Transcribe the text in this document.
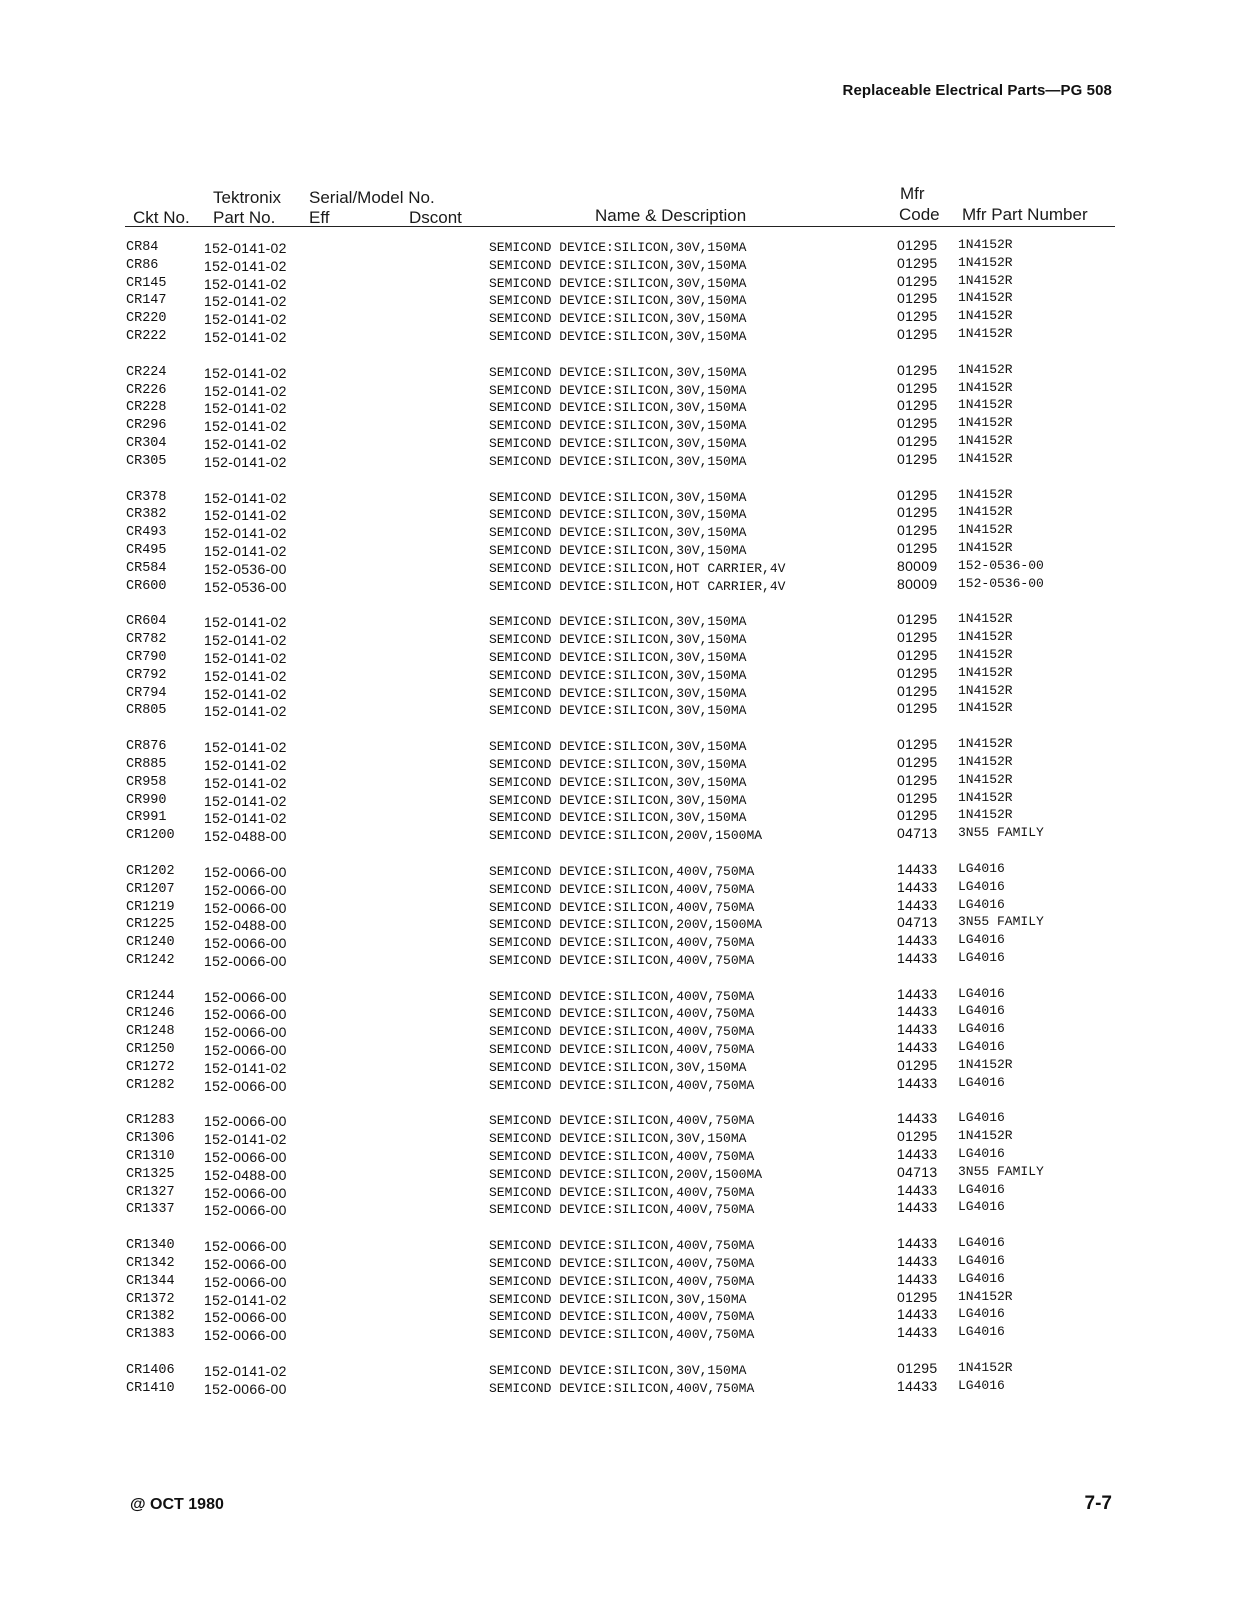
Replaceable Electrical Parts—PG 508
Ckt No.
Tektronix
Part No.
Serial/Model No.
Eff	Dscont	Name & Description
Mfr
Code Mfr Part Number
CR84	152-0141-02	SEMICOND DEVICE:SILICON,30V,150MA	01295 1N4152R
CR86	152-0141-02	SEMICOND DEVICE:SILICON,30V,150MA	01295 1N4152R
CR145	152-0141-02	SEMICOND DEVICE:SILICON,30V,150MA	01295 1N4152R
CR147	152-0141-02	SEMICOND DEVICE:SILICON,30V,150MA	01295 1N4152R
CR220	152-0141-02	SEMICOND DEVICE:SILICON,30V,150MA	01295 1N4152R
CR222	152-0141-02	SEMICOND DEVICE:SILICON,30V,150MA	01295 1N4152R
CR224	152-0141-02	SEMICOND DEVICE:SILICON,30V,150MA	01295 1N4152R
CR226	152-0141-02	SEMICOND DEVICE:SILICON,30V,150MA	01295 1N4152R
CR228	152-0141-02	SEMICOND DEVICE:SILICON,30V,150MA	01295 1N4152R
CR296	152-0141-02	SEMICOND DEVICE:SILICON,30V,150MA	01295 1N4152R
CR304	152-0141-02	SEMICOND DEVICE:SILICON,30V,150MA	01295 1N4152R
CR305	152-0141-02	SEMICOND DEVICE:SILICON,30V,150MA	01295 1N4152R
CR378	152-0141-02	SEMICOND DEVICE:SILICON,30V,150MA	01295 1N4152R
CR382	152-0141-02	SEMICOND DEVICE:SILICON,30V,150MA	01295 1N4152R
CR493	152-0141-02	SEMICOND DEVICE:SILICON,30V,150MA	01295 1N4152R
CR495	152-0141-02	SEMICOND DEVICE:SILICON,30V,150MA	01295 1N4152R
CR584	152-0536-00	SEMICOND DEVICE:SILICON,HOT CARRIER,4V	80009 152-0536-00
CR600	152-0536-00	SEMICOND DEVICE:SILICON,HOT CARRIER,4V	80009 152-0536-00
CR604	152-0141-02	SEMICOND DEVICE:SILICON,30V,150MA	01295 1N4152R
CR782	152-0141-02	SEMICOND DEVICE:SILICON,30V,150MA	01295 1N4152R
CR790	152-0141-02	SEMICOND DEVICE:SILICON,30V,150MA	01295 1N4152R
CR792	152-0141-02	SEMICOND DEVICE:SILICON,30V,150MA	01295 1N4152R
CR794	152-0141-02	SEMICOND DEVICE:SILICON,30V,150MA	01295 1N4152R
CR805	152-0141-02	SEMICOND DEVICE:SILICON,30V,150MA	01295 1N4152R
CR876	152-0141-02	SEMICOND DEVICE:SILICON,30V,150MA	01295 1N4152R
CR885	152-0141-02	SEMICOND DEVICE:SILICON,30V,150MA	01295 1N4152R
CR958	152-0141-02	SEMICOND DEVICE:SILICON,30V,150MA	01295 1N4152R
CR990	152-0141-02	SEMICOND DEVICE:SILICON,30V,150MA	01295 1N4152R
CR991	152-0141-02	SEMICOND DEVICE:SILICON,30V,150MA	01295 1N4152R
CR1200 152-0488-00	SEMICOND DEVICE:SILICON,200V,1500MA	04713 3N55 FAMILY
CR1202 152-0066-00	SEMICOND DEVICE:SILICON,400V,750MA	14433 LG4016
CR1207 152-0066-00	SEMICOND DEVICE:SILICON,400V,750MA	14433 LG4016
CR1219 152-0066-00	SEMICOND DEVICE:SILICON,400V,750MA	14433 LG4016
CR1225 152-0488-00	SEMICOND DEVICE:SILICON,200V,1500MA	04713 3N55 FAMILY
CR1240 152-0066-00	SEMICOND DEVICE:SILICON,400V,750MA	14433 LG4016
CR1242 152-0066-00	SEMICOND DEVICE:SILICON,400V,750MA	14433 LG4016
CR1244 152-0066-00	SEMICOND DEVICE:SILICON,400V,750MA	14433 LG4016
CR1246 152-0066-00	SEMICOND DEVICE:SILICON,400V,750MA	14433 LG4016
CR1248 152-0066-00	SEMICOND DEVICE:SILICON,400V,750MA	14433 LG4016
CR1250 152-0066-00	SEMICOND DEVICE:SILICON,400V,750MA	14433 LG4016
CR1272 152-0141-02	SEMICOND DEVICE:SILICON,30V,150MA	01295 1N4152R
CR1282 152-0066-00	SEMICOND DEVICE:SILICON,400V,750MA	14433 LG4016
CR1283 152-0066-00	SEMICOND DEVICE:SILICON,400V,750MA	14433 LG4016
CR1306 152-0141-02	SEMICOND DEVICE:SILICON,30V,150MA	01295 1N4152R
CR1310 152-0066-00	SEMICOND DEVICE:SILICON,400V,750MA	14433 LG4016
CR1325 152-0488-00	SEMICOND DEVICE:SILICON,200V,1500MA	04713 3N55 FAMILY
CR1327 152-0066-00	SEMICOND DEVICE:SILICON,400V,750MA	14433 LG4016
CR1337 152-0066-00	SEMICOND DEVICE:SILICON,400V,750MA	14433 LG4016
CR1340 152-0066-00	SEMICOND DEVICE:SILICON,400V,750MA	14433 LG4016
CR1342 152-0066-00	SEMICOND DEVICE:SILICON,400V,750MA	14433 LG4016
CR1344 152-0066-00	SEMICOND DEVICE:SILICON,400V,750MA	14433 LG4016
CR1372 152-0141-02	SEMICOND DEVICE:SILICON,30V,150MA	01295 1N4152R
CR1382 152-0066-00	SEMICOND DEVICE:SILICON,400V,750MA	14433 LG4016
CR1383 152-0066-00	SEMICOND DEVICE:SILICON,400V,750MA	14433 LG4016
CR1406 152-0141-02	SEMICOND DEVICE:SILICON,30V,150MA	01295 1N4152R
CR1410 152-0066-00	SEMICOND DEVICE:SILICON,400V,750MA	14433 LG4016
@ OCT 1980	7-7
